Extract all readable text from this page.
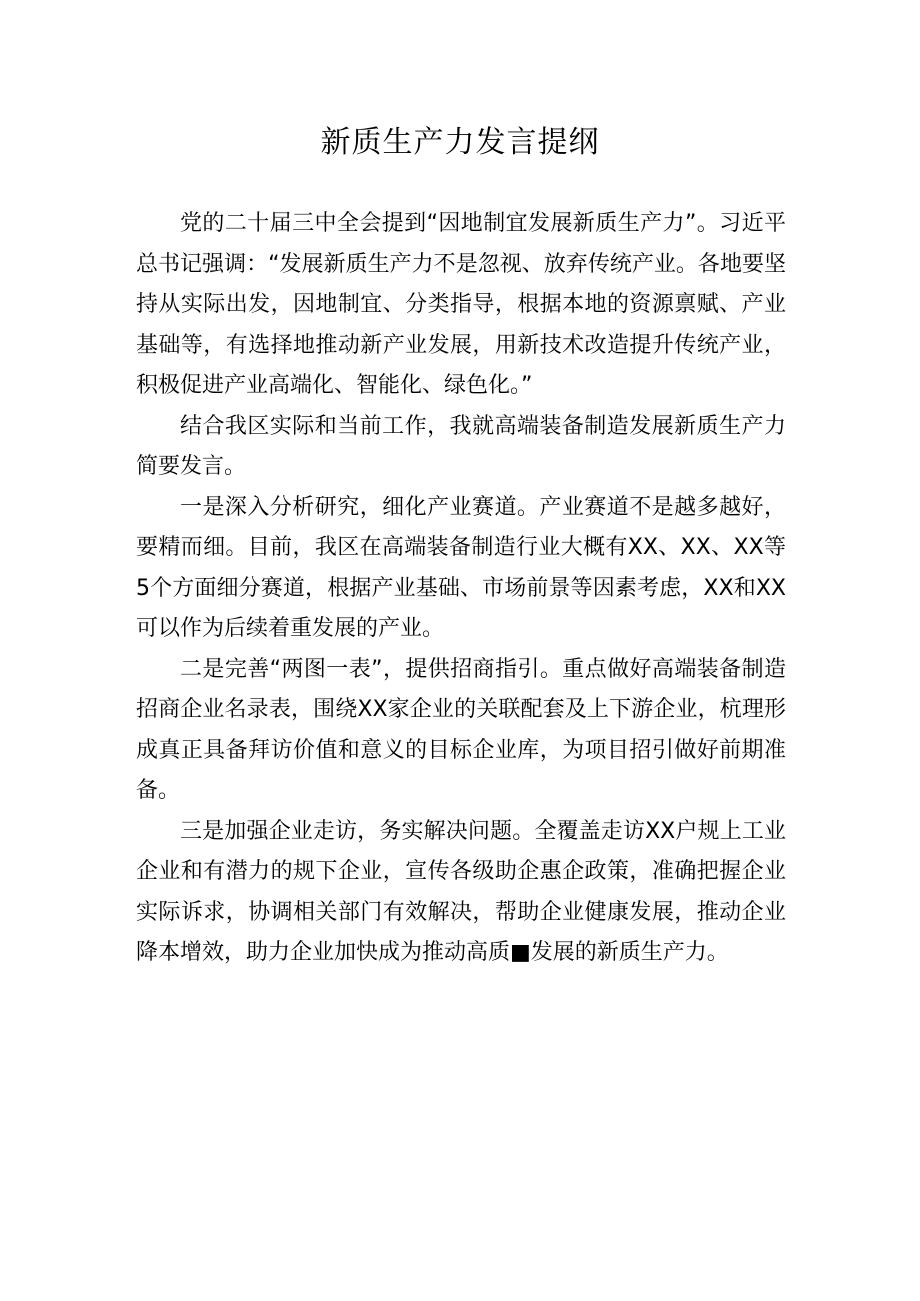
新质生产力发言提纲

党的二十届三中全会提到“因地制宜发展新质生产力”。习近平总书记强调：“发展新质生产力不是忽视、放弃传统产业。各地要坚持从实际出发，因地制宜、分类指导，根据本地的资源禀赋、产业基础等，有选择地推动新产业发展，用新技术改造提升传统产业，积极促进产业高端化、智能化、绿色化。”

结合我区实际和当前工作，我就高端装备制造发展新质生产力简要发言。

一是深入分析研究，细化产业赛道。产业赛道不是越多越好，要精而细。目前，我区在高端装备制造行业大概有XX、XX、XX等5个方面细分赛道，根据产业基础、市场前景等因素考虑，XX和XX可以作为后续着重发展的产业。

二是完善“两图一表”，提供招商指引。重点做好高端装备制造招商企业名录表，围绕XX家企业的关联配套及上下游企业，杭理形成真正具备拜访价值和意义的目标企业库，为项目招引做好前期准备。

三是加强企业走访，务实解决问题。全覆盖走访XX户规上工业企业和有潜力的规下企业，宣传各级助企惠企政策，准确把握企业实际诉求，协调相关部门有效解决，帮助企业健康发展，推动企业降本增效，助力企业加快成为推动高质■发展的新质生产力。
